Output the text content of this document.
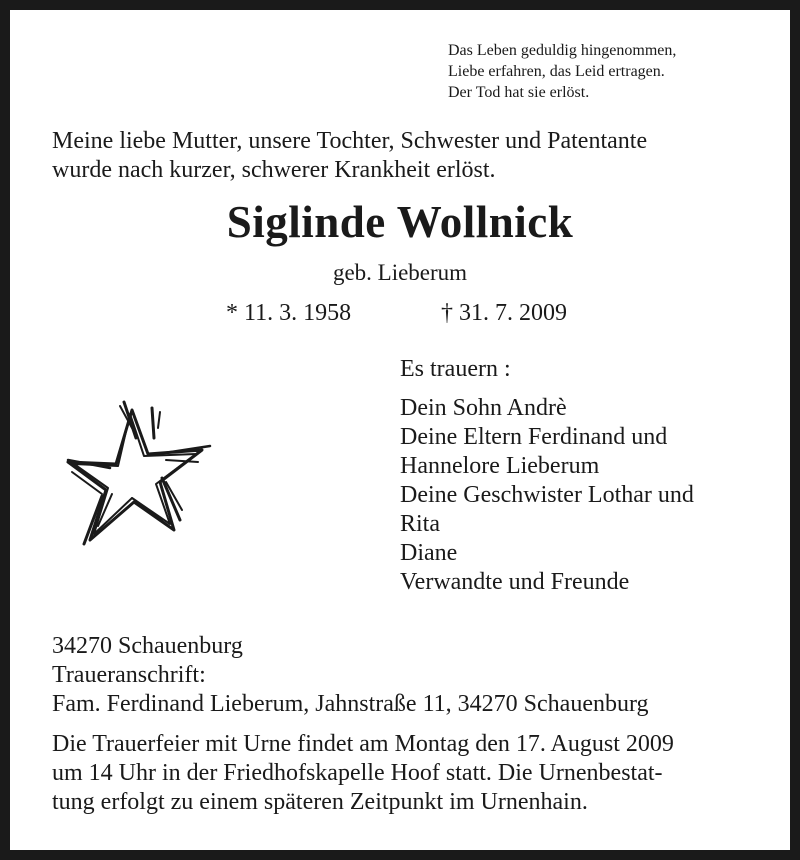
Das Leben geduldig hingenommen,
Liebe erfahren, das Leid ertragen.
Der Tod hat sie erlöst.
Meine liebe Mutter, unsere Tochter, Schwester und Patentante
wurde nach kurzer, schwerer Krankheit erlöst.
Siglinde Wollnick
geb. Lieberum
* 11. 3. 1958	† 31. 7. 2009
Es trauern :
Dein Sohn Andrè
Deine Eltern Ferdinand und
Hannelore Lieberum
Deine Geschwister Lothar und
Rita
Diane
Verwandte und Freunde
34270 Schauenburg
Traueranschrift:
Fam. Ferdinand Lieberum, Jahnstraße 11, 34270 Schauenburg
Die Trauerfeier mit Urne findet am Montag den 17. August 2009
um 14 Uhr in der Friedhofskapelle Hoof statt. Die Urnenbestat-
tung erfolgt zu einem späteren Zeitpunkt im Urnenhain.
